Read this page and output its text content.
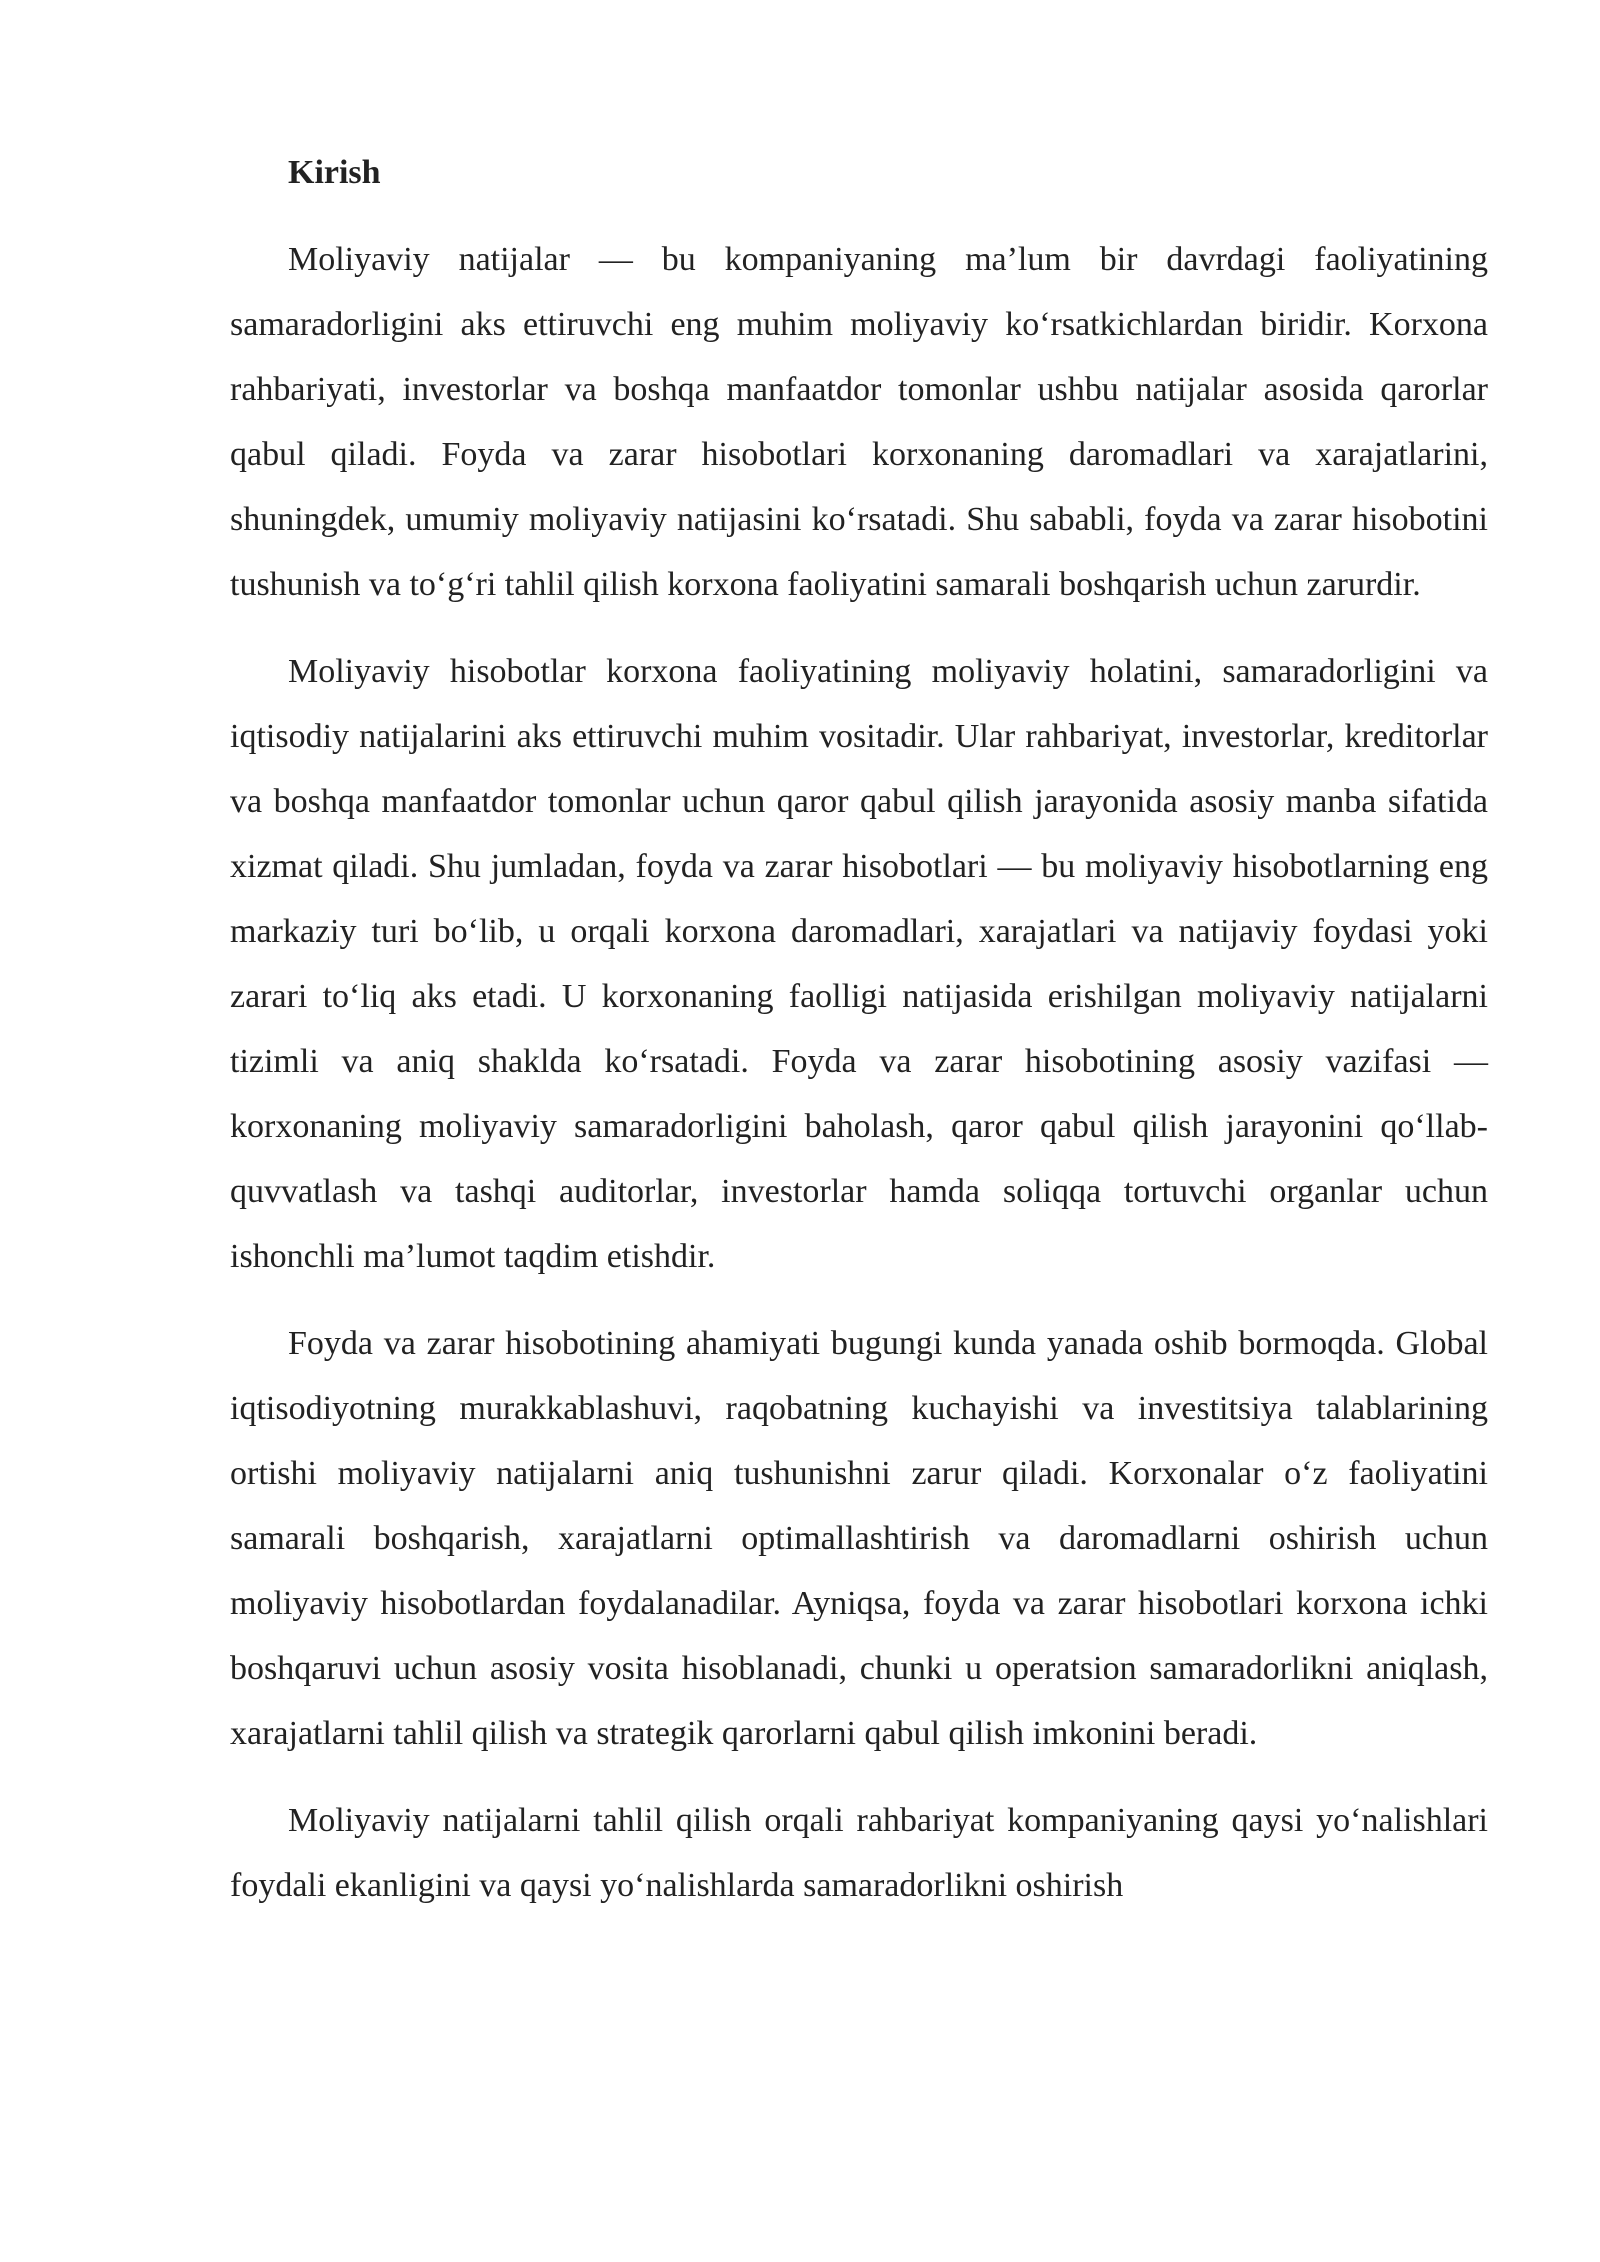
Kirish

Moliyaviy natijalar — bu kompaniyaning ma’lum bir davrdagi faoliyatining samaradorligini aks ettiruvchi eng muhim moliyaviy ko‘rsatkichlardan biridir. Korxona rahbariyati, investorlar va boshqa manfaatdor tomonlar ushbu natijalar asosida qarorlar qabul qiladi. Foyda va zarar hisobotlari korxonaning daromadlari va xarajatlarini, shuningdek, umumiy moliyaviy natijasini ko‘rsatadi. Shu sababli, foyda va zarar hisobotini tushunish va to‘g‘ri tahlil qilish korxona faoliyatini samarali boshqarish uchun zarurdir.

Moliyaviy hisobotlar korxona faoliyatining moliyaviy holatini, samaradorligini va iqtisodiy natijalarini aks ettiruvchi muhim vositadir. Ular rahbariyat, investorlar, kreditorlar va boshqa manfaatdor tomonlar uchun qaror qabul qilish jarayonida asosiy manba sifatida xizmat qiladi. Shu jumladan, foyda va zarar hisobotlari — bu moliyaviy hisobotlarning eng markaziy turi bo‘lib, u orqali korxona daromadlari, xarajatlari va natijaviy foydasi yoki zarari to‘liq aks etadi. U korxonaning faolligi natijasida erishilgan moliyaviy natijalarni tizimli va aniq shaklda ko‘rsatadi. Foyda va zarar hisobotining asosiy vazifasi — korxonaning moliyaviy samaradorligini baholash, qaror qabul qilish jarayonini qo‘llab-quvvatlash va tashqi auditorlar, investorlar hamda soliqqa tortuvchi organlar uchun ishonchli ma’lumot taqdim etishdir.

Foyda va zarar hisobotining ahamiyati bugungi kunda yanada oshib bormoqda. Global iqtisodiyotning murakkablashuvi, raqobatning kuchayishi va investitsiya talablarining ortishi moliyaviy natijalarni aniq tushunishni zarur qiladi. Korxonalar o‘z faoliyatini samarali boshqarish, xarajatlarni optimallashtirish va daromadlarni oshirish uchun moliyaviy hisobotlardan foydalanadilar. Ayniqsa, foyda va zarar hisobotlari korxona ichki boshqaruvi uchun asosiy vosita hisoblanadi, chunki u operatsion samaradorlikni aniqlash, xarajatlarni tahlil qilish va strategik qarorlarni qabul qilish imkonini beradi.

Moliyaviy natijalarni tahlil qilish orqali rahbariyat kompaniyaning qaysi yo‘nalishlari foydali ekanligini va qaysi yo‘nalishlarda samaradorlikni oshirish
